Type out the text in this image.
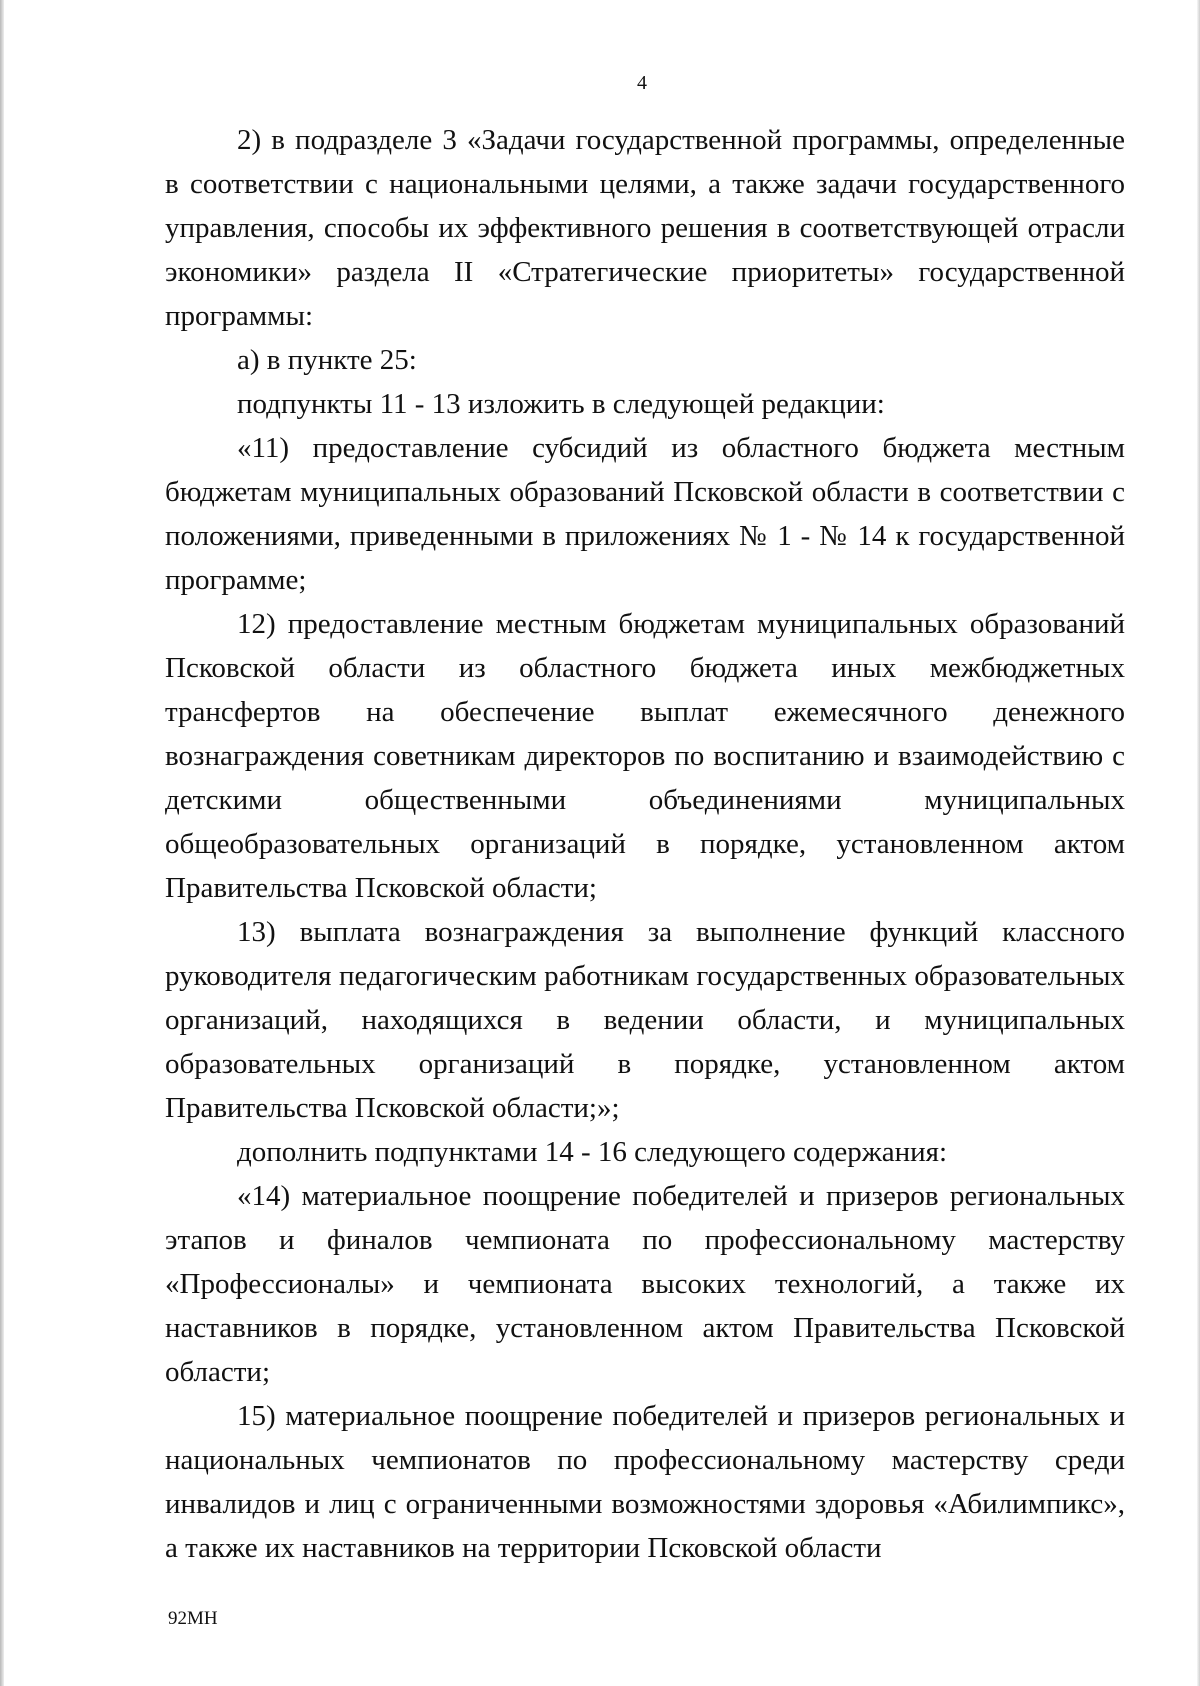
4

2) в подразделе 3 «Задачи государственной программы, определенные в соответствии с национальными целями, а также задачи государственного управления, способы их эффективного решения в соответствующей отрасли экономики» раздела II «Стратегические приоритеты» государственной программы:

а) в пункте 25:

подпункты 11 - 13 изложить в следующей редакции:

«11) предоставление субсидий из областного бюджета местным бюджетам муниципальных образований Псковской области в соответствии с положениями, приведенными в приложениях № 1 - № 14 к государственной программе;

12) предоставление местным бюджетам муниципальных образований Псковской области из областного бюджета иных межбюджетных трансфертов на обеспечение выплат ежемесячного денежного вознаграждения советникам директоров по воспитанию и взаимодействию с детскими общественными объединениями муниципальных общеобразовательных организаций в порядке, установленном актом Правительства Псковской области;

13) выплата вознаграждения за выполнение функций классного руководителя педагогическим работникам государственных образовательных организаций, находящихся в ведении области, и муниципальных образовательных организаций в порядке, установленном актом Правительства Псковской области;»;

дополнить подпунктами 14 - 16 следующего содержания:

«14) материальное поощрение победителей и призеров региональных этапов и финалов чемпионата по профессиональному мастерству «Профессионалы» и чемпионата высоких технологий, а также их наставников в порядке, установленном актом Правительства Псковской области;

15) материальное поощрение победителей и призеров региональных и национальных чемпионатов по профессиональному мастерству среди инвалидов и лиц с ограниченными возможностями здоровья «Абилимпикс», а также их наставников на территории Псковской области

92МН
